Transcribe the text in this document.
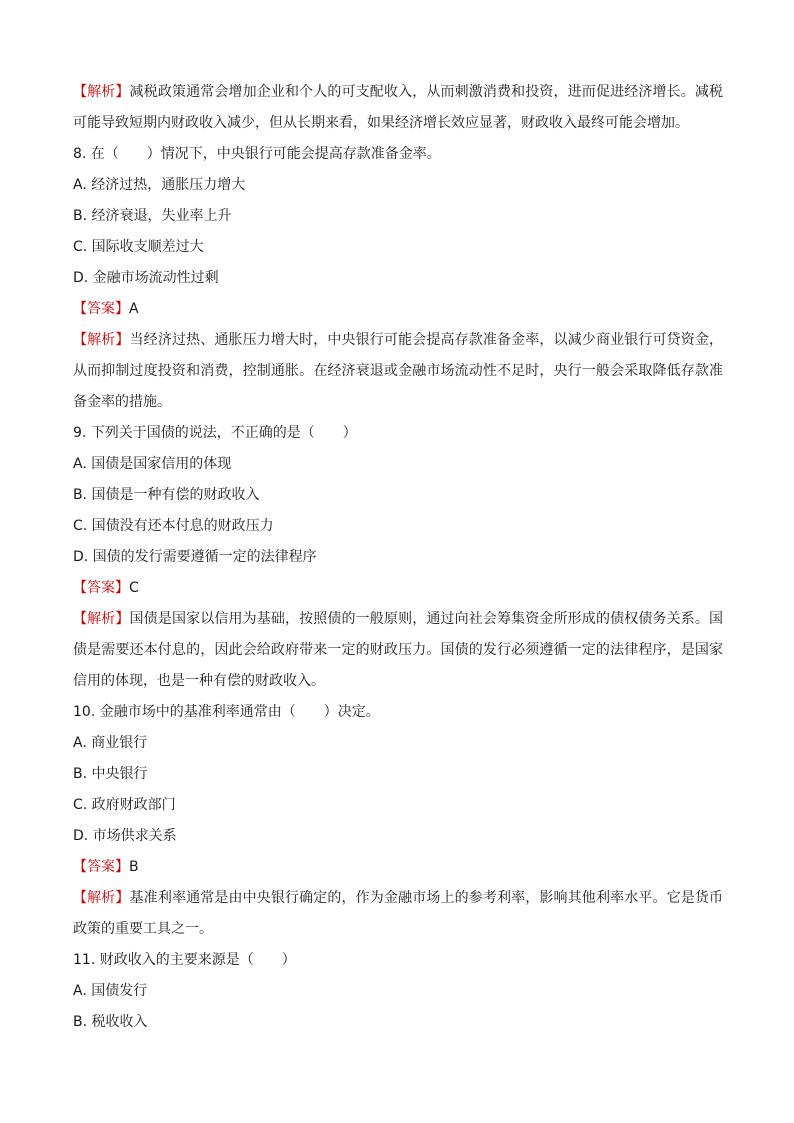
【解析】减税政策通常会增加企业和个人的可支配收入，从而刺激消费和投资，进而促进经济增长。减税可能导致短期内财政收入减少，但从长期来看，如果经济增长效应显著，财政收入最终可能会增加。

8. 在（　　）情况下，中央银行可能会提高存款准备金率。

A. 经济过热，通胀压力增大

B. 经济衰退，失业率上升

C. 国际收支顺差过大

D. 金融市场流动性过剩

【答案】A

【解析】当经济过热、通胀压力增大时，中央银行可能会提高存款准备金率，以减少商业银行可贷资金，从而抑制过度投资和消费，控制通胀。在经济衰退或金融市场流动性不足时，央行一般会采取降低存款准备金率的措施。

9. 下列关于国债的说法，不正确的是（　　）

A. 国债是国家信用的体现

B. 国债是一种有偿的财政收入

C. 国债没有还本付息的财政压力

D. 国债的发行需要遵循一定的法律程序

【答案】C

【解析】国债是国家以信用为基础，按照债的一般原则，通过向社会筹集资金所形成的债权债务关系。国债是需要还本付息的，因此会给政府带来一定的财政压力。国债的发行必须遵循一定的法律程序，是国家信用的体现，也是一种有偿的财政收入。

10. 金融市场中的基准利率通常由（　　）决定。

A. 商业银行

B. 中央银行

C. 政府财政部门

D. 市场供求关系

【答案】B

【解析】基准利率通常是由中央银行确定的，作为金融市场上的参考利率，影响其他利率水平。它是货币政策的重要工具之一。

11. 财政收入的主要来源是（　　）

A. 国债发行

B. 税收收入
